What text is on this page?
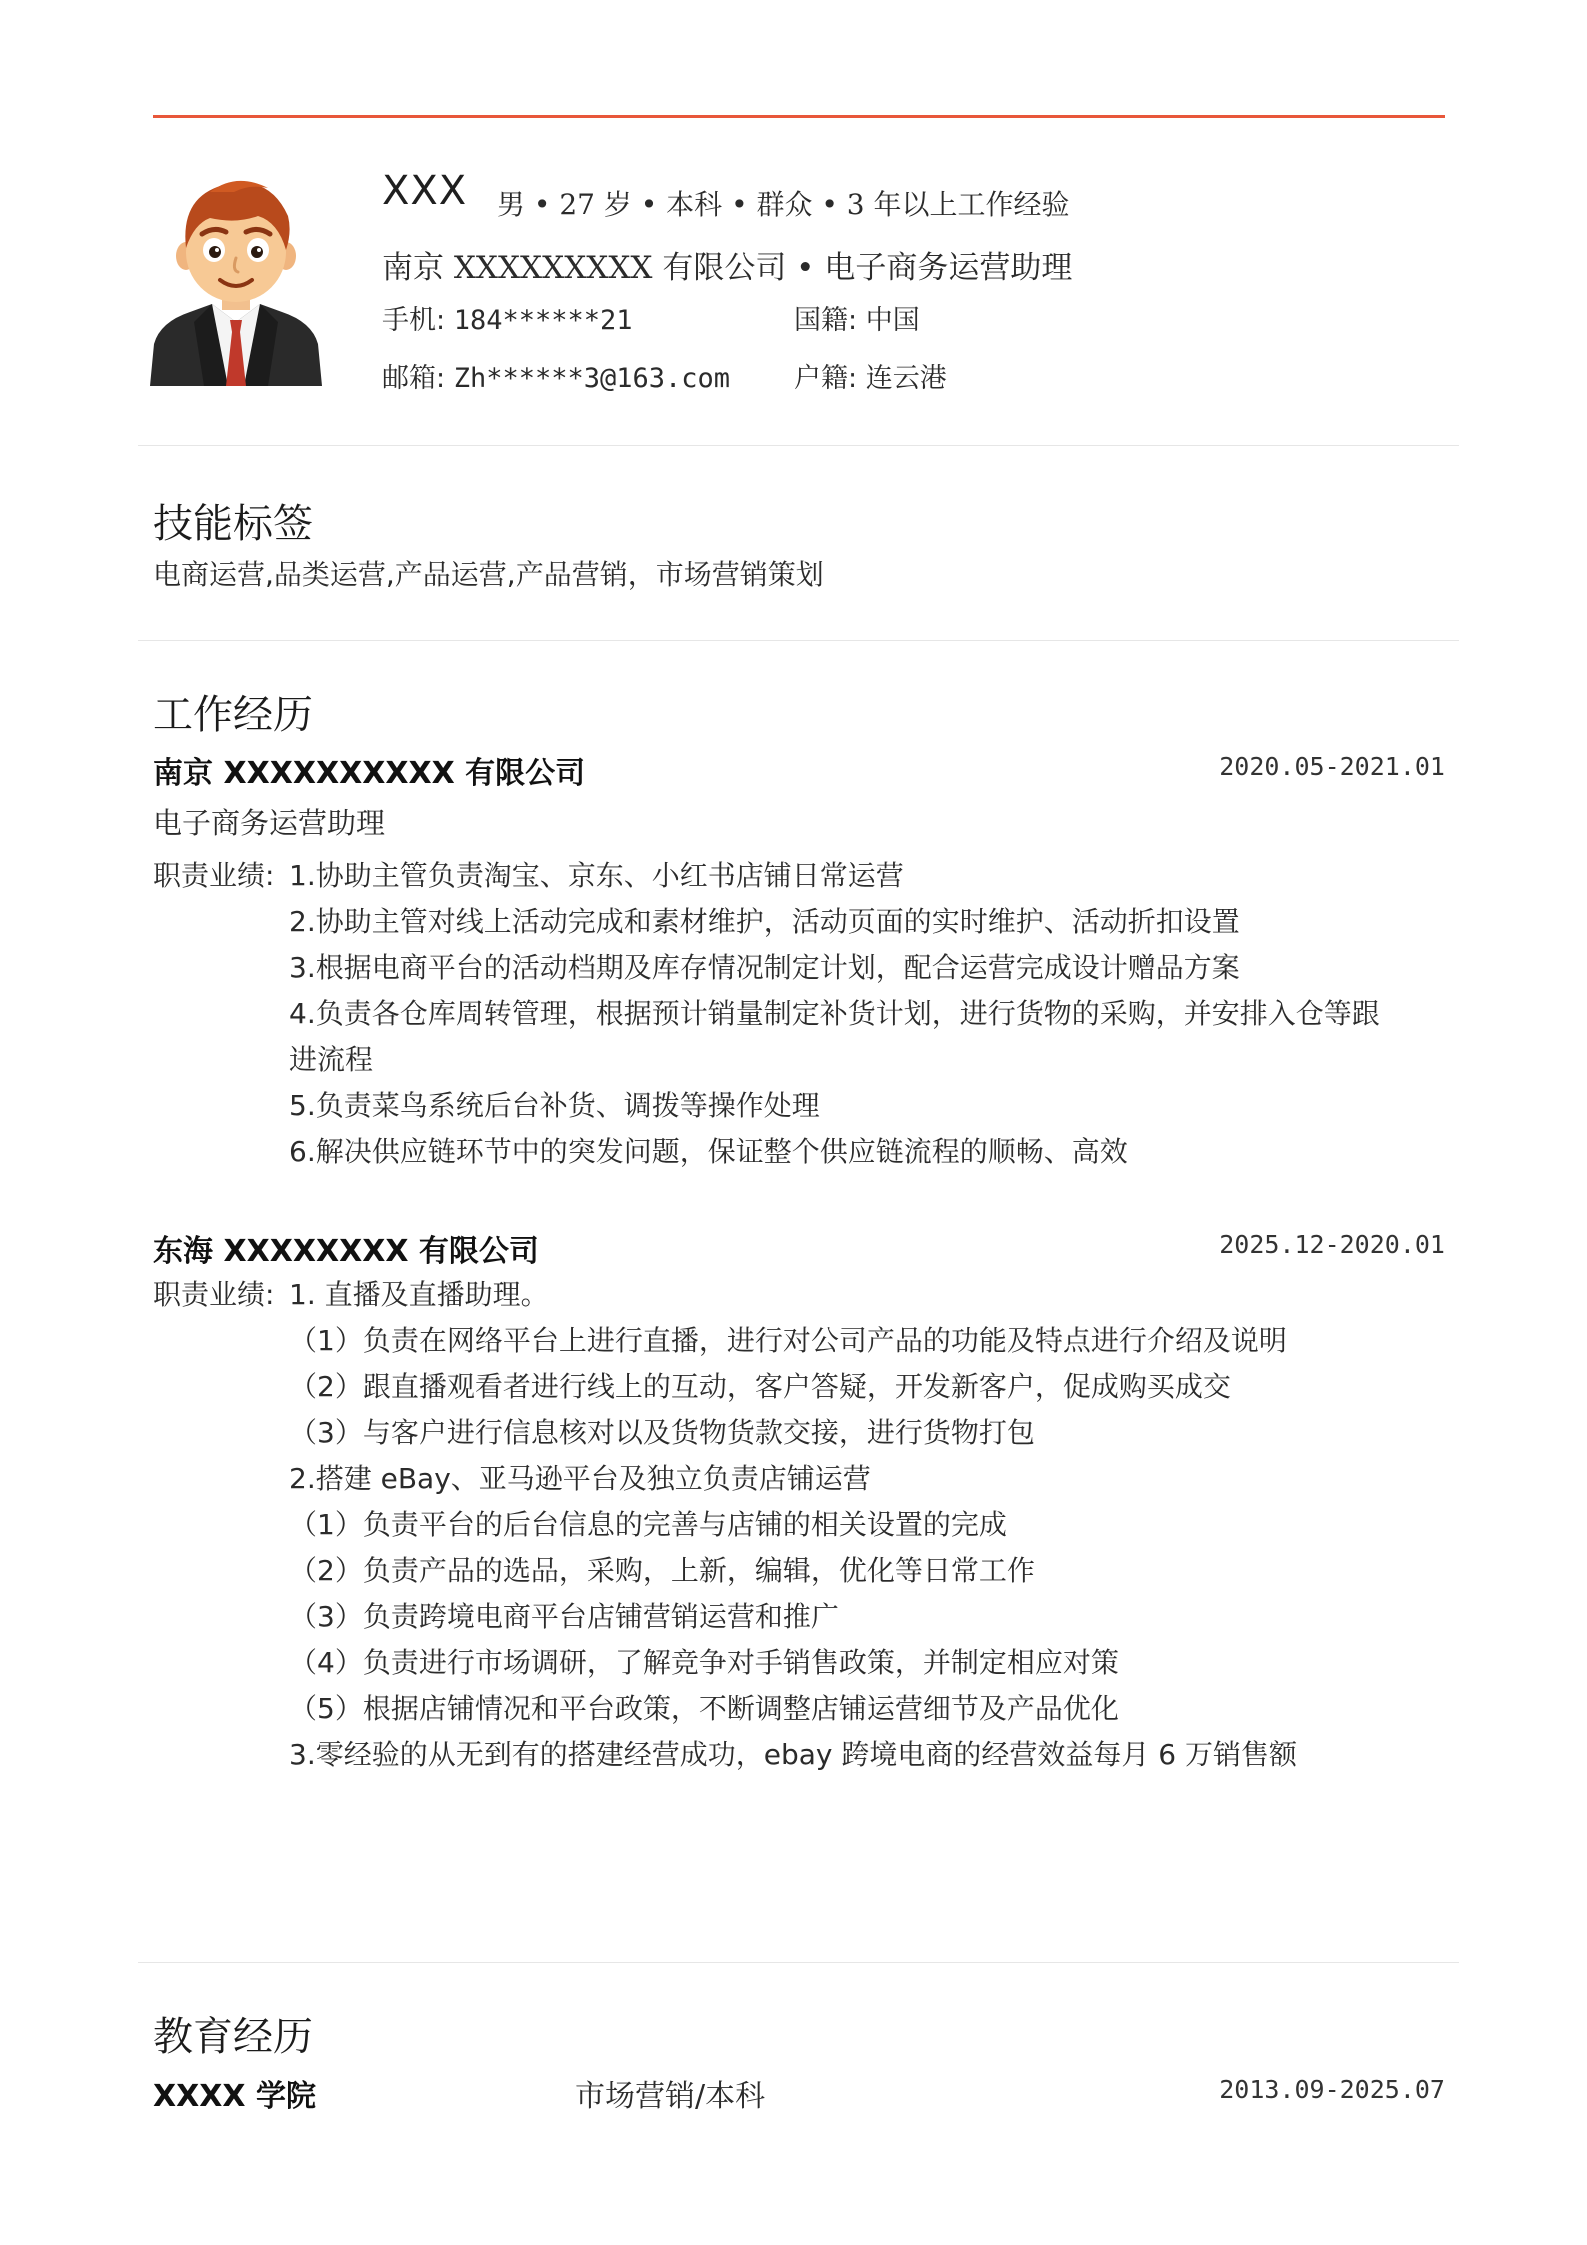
XXX 男 • 27 岁 • 本科 • 群众 • 3 年以上工作经验
南京 XXXXXXXXX 有限公司 • 电子商务运营助理
手机: 184******21	国籍: 中国
邮箱: Zh******3@163.com 户籍: 连云港
技能标签
电商运营,品类运营,产品运营,产品营销，市场营销策划
工作经历
南京 XXXXXXXXXX 有限公司	2020.05-2021.01
电子商务运营助理
职责业绩: 1.协助主管负责淘宝、京东、小红书店铺日常运营
2.协助主管对线上活动完成和素材维护，活动页面的实时维护、活动折扣设置
3.根据电商平台的活动档期及库存情况制定计划，配合运营完成设计赠品方案
4.负责各仓库周转管理，根据预计销量制定补货计划，进行货物的采购，并安排入仓等跟
进流程
5.负责菜鸟系统后台补货、调拨等操作处理
6.解决供应链环节中的突发问题，保证整个供应链流程的顺畅、高效
东海 XXXXXXXX 有限公司	2025.12-2020.01
职责业绩: 1. 直播及直播助理。
（1）负责在网络平台上进行直播，进行对公司产品的功能及特点进行介绍及说明
（2）跟直播观看者进行线上的互动，客户答疑，开发新客户，促成购买成交
（3）与客户进行信息核对以及货物货款交接，进行货物打包
2.搭建 eBay、亚马逊平台及独立负责店铺运营
（1）负责平台的后台信息的完善与店铺的相关设置的完成
（2）负责产品的选品，采购，上新，编辑，优化等日常工作
（3）负责跨境电商平台店铺营销运营和推广
（4）负责进行市场调研，了解竞争对手销售政策，并制定相应对策
（5）根据店铺情况和平台政策，不断调整店铺运营细节及产品优化
3.零经验的从无到有的搭建经营成功，ebay 跨境电商的经营效益每月 6 万销售额
教育经历
XXXX 学院	市场营销/本科	2013.09-2025.07
